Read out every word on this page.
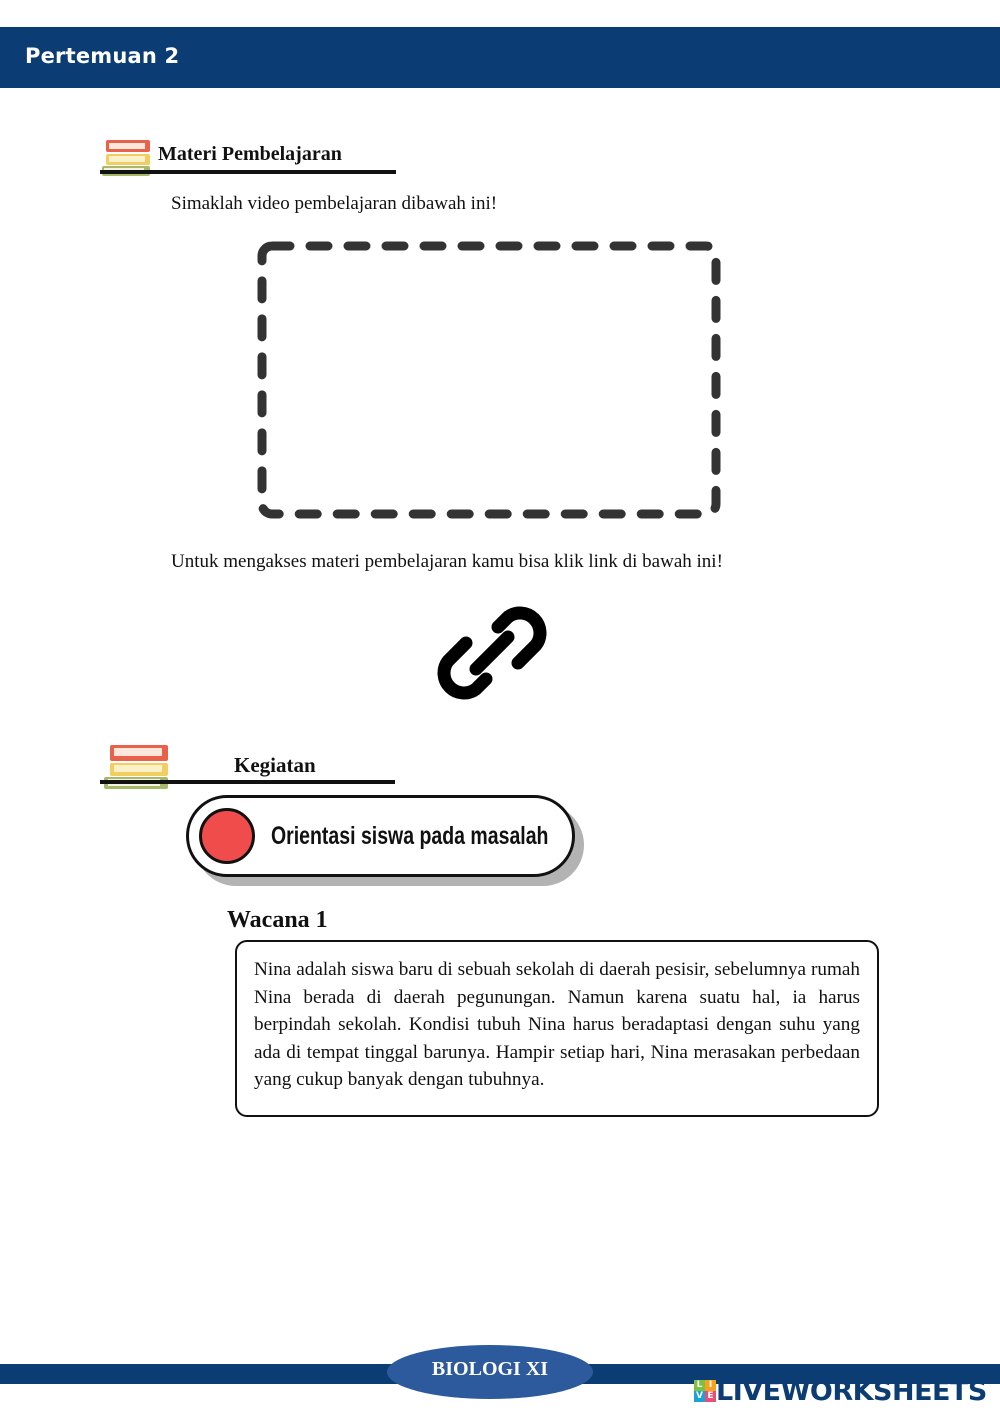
Pertemuan 2
Materi Pembelajaran
Simaklah video pembelajaran dibawah ini!
Untuk mengakses materi pembelajaran kamu bisa klik link di bawah ini!
Kegiatan
Orientasi siswa pada masalah
Wacana 1
Nina adalah siswa baru di sebuah sekolah di daerah pesisir, sebelumnya rumah Nina berada di daerah pegunungan. Namun karena suatu hal, ia harus berpindah sekolah. Kondisi tubuh Nina harus beradaptasi dengan suhu yang ada di tempat tinggal barunya. Hampir setiap hari, Nina merasakan perbedaan yang cukup banyak dengan tubuhnya.
BIOLOGI XI
L I
V E LIVEWORKSHEETS
